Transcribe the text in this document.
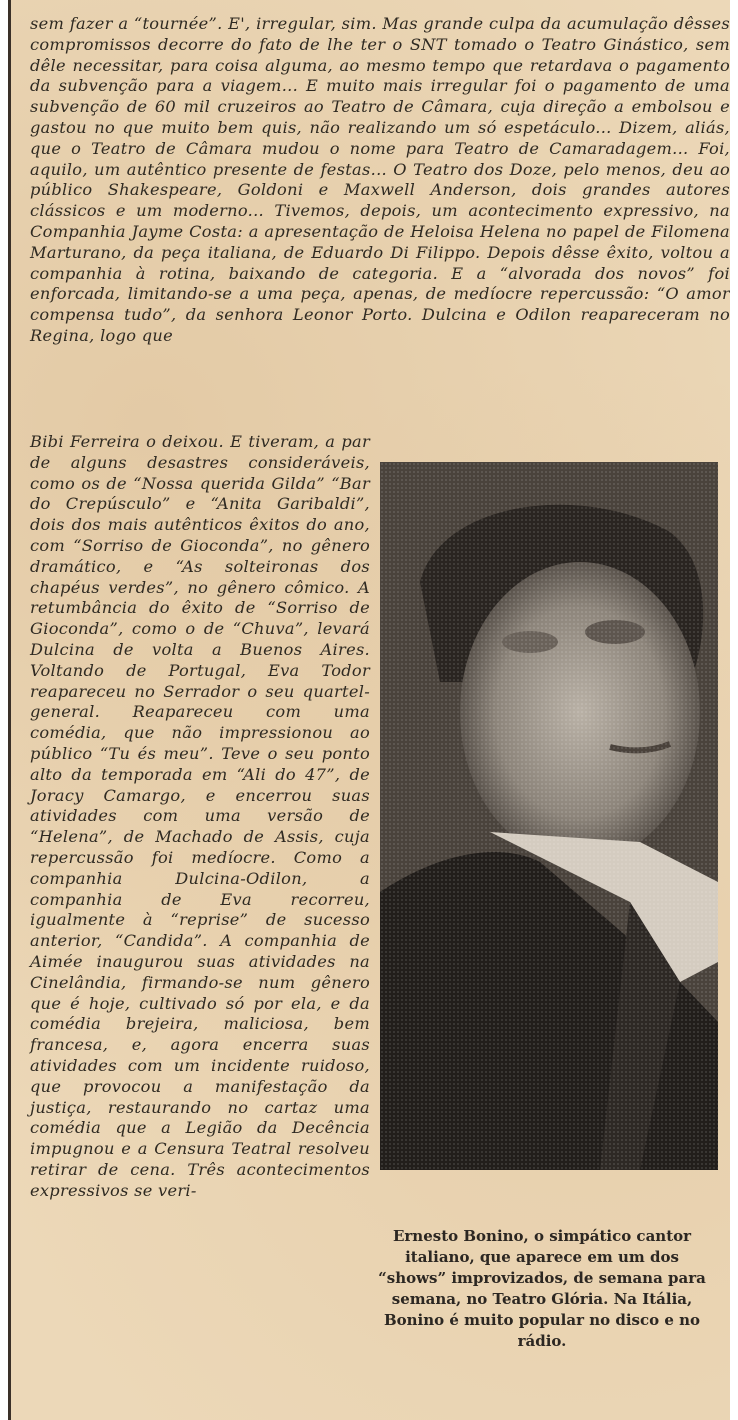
sem fazer a “tournée”. E', irregular, sim. Mas grande culpa da acumulação dêsses compromissos decorre do fato de lhe ter o SNT tomado o Teatro Ginástico, sem dêle necessitar, para coisa alguma, ao mesmo tempo que retardava o pagamento da subvenção para a viagem... E muito mais irregular foi o pagamento de uma subvenção de 60 mil cruzeiros ao Teatro de Câmara, cuja direção a embolsou e gastou no que muito bem quis, não realizando um só espetáculo... Dizem, aliás, que o Teatro de Câmara mudou o nome para Teatro de Camaradagem... Foi, aquilo, um autêntico presente de festas... O Teatro dos Doze, pelo menos, deu ao público Shakespeare, Goldoni e Maxwell Anderson, dois grandes autores clássicos e um moderno... Tivemos, depois, um acontecimento expressivo, na Companhia Jayme Costa: a apresentação de Heloisa Helena no papel de Filomena Marturano, da peça italiana, de Eduardo Di Filippo. Depois dêsse êxito, voltou a companhia à rotina, baixando de categoria. E a “alvorada dos novos” foi enforcada, limitando-se a uma peça, apenas, de medíocre repercussão: “O amor compensa tudo”, da senhora Leonor Porto. Dulcina e Odilon reapareceram no Regina, logo que

Bibi Ferreira o deixou. E tiveram, a par de alguns desastres consideráveis, como os de “Nossa querida Gilda” “Bar do Crepúsculo” e “Anita Garibaldi”, dois dos mais autênticos êxitos do ano, com “Sorriso de Gioconda”, no gênero dramático, e “As solteironas dos chapéus verdes”, no gênero cômico. A retumbância do êxito de “Sorriso de Gioconda”, como o de “Chuva”, levará Dulcina de volta a Buenos Aires. Voltando de Portugal, Eva Todor reapareceu no Serrador o seu quartel-general. Reapareceu com uma comédia, que não impressionou ao público “Tu és meu”. Teve o seu ponto alto da temporada em “Ali do 47”, de Joracy Camargo, e encerrou suas atividades com uma versão de “Helena”, de Machado de Assis, cuja repercussão foi medíocre. Como a companhia Dulcina-Odilon, a companhia de Eva recorreu, igualmente à “reprise” de sucesso anterior, “Candida”. A companhia de Aimée inaugurou suas atividades na Cinelândia, firmando-se num gênero que é hoje, cultivado só por ela, e da comédia brejeira, maliciosa, bem francesa, e, agora encerra suas atividades com um incidente ruidoso, que provocou a manifestação da justiça, restaurando no cartaz uma comédia que a Legião da Decência impugnou e a Censura Teatral resolveu retirar de cena. Três acontecimentos expressivos se veri-

Ernesto Bonino, o simpático cantor italiano, que aparece em um dos “shows” improvizados, de semana para semana, no Teatro Glória. Na Itália, Bonino é muito popular no disco e no rádio.
